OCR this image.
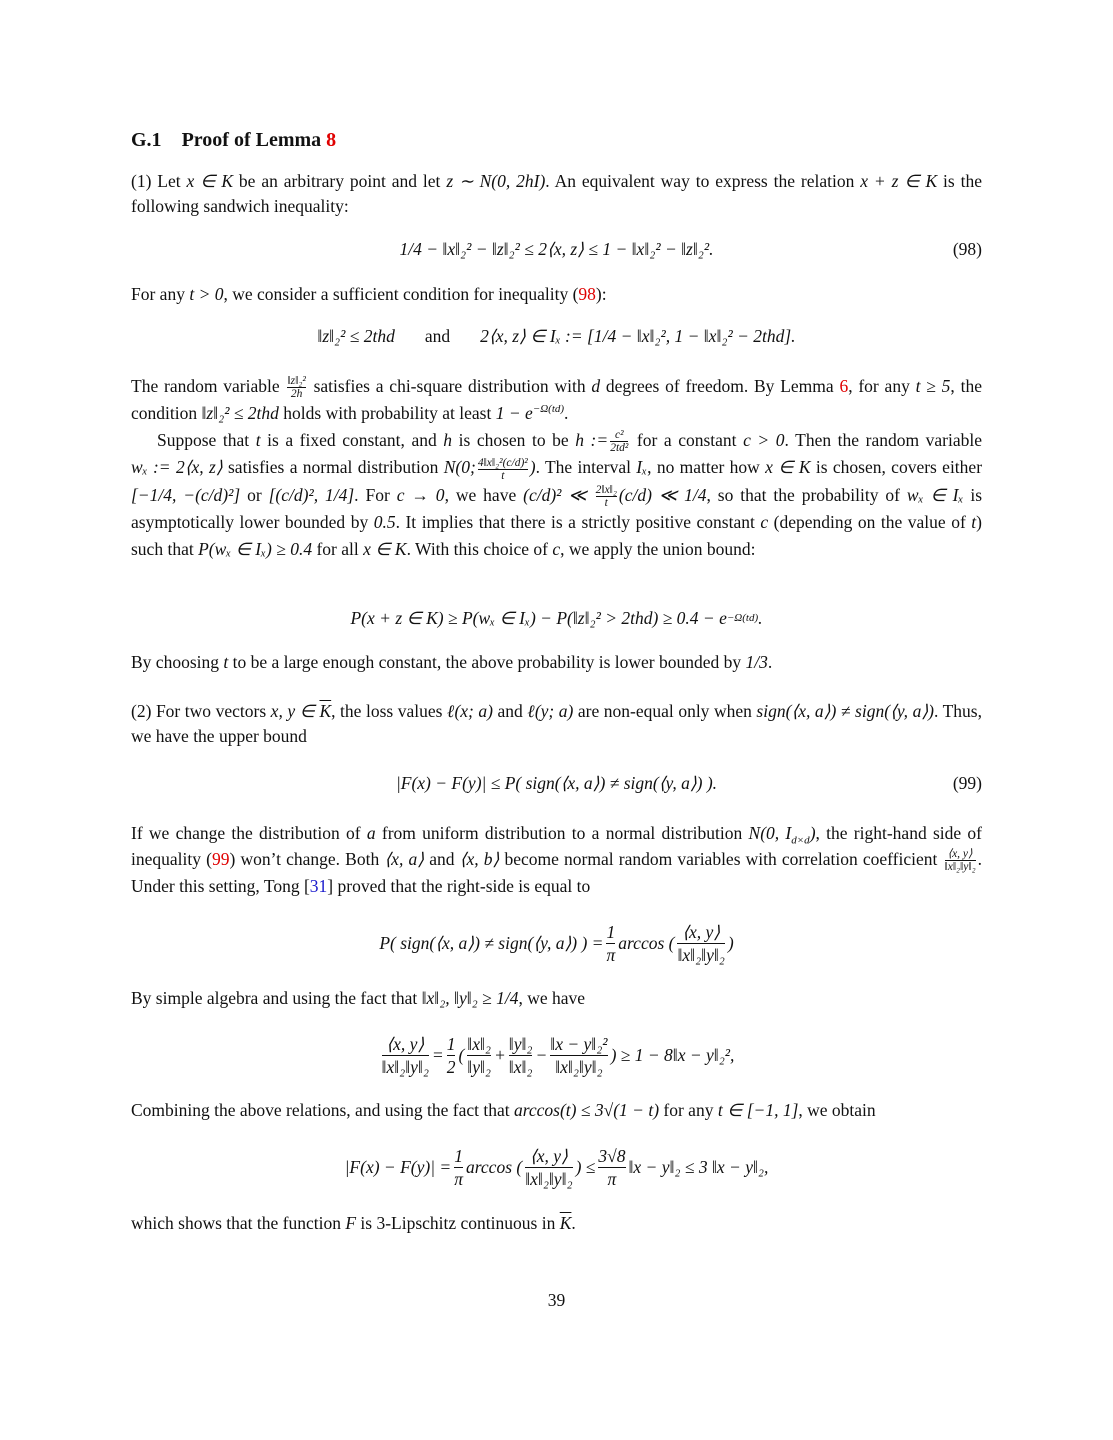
G.1 Proof of Lemma 8
(1) Let x ∈ K be an arbitrary point and let z ∼ N(0, 2hI). An equivalent way to express the relation x + z ∈ K is the following sandwich inequality:
1/4 − ‖x‖₂² − ‖z‖₂² ≤ 2⟨x, z⟩ ≤ 1 − ‖x‖₂² − ‖z‖₂².	(98)
For any t > 0, we consider a sufficient condition for inequality (98):
‖z‖₂² ≤ 2thd and 2⟨x, z⟩ ∈ Iₓ := [1/4 − ‖x‖₂², 1 − ‖x‖₂² − 2thd].
The random variable $\frac{\text{‖z‖₂²}}{2h}$ satisfies a chi-square distribution with d degrees of freedom. By Lemma 6, for any t ≥ 5, the condition ‖z‖₂² ≤ 2thd holds with probability at least $1 - e^{-\Omega(td)}$.
Suppose that t is a fixed constant, and h is chosen to be h := $\frac{\text{c²}}{\text{2td²}}$ for a constant c > 0. Then the random variable wₓ := 2⟨x, z⟩ satisfies a normal distribution N(0; $\frac{\text{4‖x‖₂²(c/d)²}}{t}$ ). The interval Iₓ, no matter how x ∈ K is chosen, covers either [−1/4, −(c/d)²] or [(c/d)², 1/4]. For c → 0, we have (c/d)² ≪ $\frac{\text{2‖x‖₂}}{t} (c/d)$ ≪ 1/4, so that the probability of wₓ ∈ Iₓ is asymptotically lower bounded by 0.5. It implies that there is a strictly positive constant c (depending on the value of t) such that P(wₓ ∈ Iₓ) ≥ 0.4 for all x ∈ K. With this choice of c, we apply the union bound:
P(x + z ∈ K) ≥ P(wₓ ∈ Iₓ) − P(‖z‖₂² > 2thd) ≥ 0.4 − e −Ω(td) .
By choosing t to be a large enough constant, the above probability is lower bounded by 1/3.
(2) For two vectors x, y ∈ $\overline{K}$, the loss values ℓ(x; a) and ℓ(y; a) are non-equal only when sign(⟨x, a⟩) ≠ sign(⟨y, a⟩). Thus, we have the upper bound
|F(x) − F(y)| ≤ P( sign(⟨x, a⟩) ≠ sign(⟨y, a⟩) ).	(99)
If we change the distribution of a from uniform distribution to a normal distribution N(0, $I_{d\times d}$), the right-hand side of inequality (99) won’t change. Both ⟨x, a⟩ and ⟨x, b⟩ become normal random variables with correlation coefficient $\frac{⟨x, y⟩}{\text{‖x‖₂‖y‖₂}}$ . Under this setting, Tong [31] proved that the right-side is equal to
P( sign(⟨x, a⟩) ≠ sign(⟨y, a⟩) ) = $\frac{1}{\pi}$ arccos ( $\frac{⟨x, y⟩}{\text{‖x‖₂‖y‖₂}}$ )
By simple algebra and using the fact that ‖x‖₂, ‖y‖₂ ≥ 1/4, we have
$\frac{⟨x, y⟩}{\text{‖x‖₂‖y‖₂}} = \frac{1}{2}$ ( $\frac{\text{‖x‖₂}}{\text{‖y‖₂}} + \frac{\text{‖y‖₂}}{\text{‖x‖₂}} - \frac{\text{‖x − y‖₂²}}{\text{‖x‖₂‖y‖₂}}$ ) ≥ 1 − 8‖x − y‖₂²,
Combining the above relations, and using the fact that arccos(t) ≤ 3√(1 − t) for any t ∈ [−1, 1], we obtain
$|F(x) - F(y)| = \frac{1}{\pi}$ arccos ( $\frac{⟨x, y⟩}{\text{‖x‖₂‖y‖₂}}$ ) ≤ $\frac{3√8}{\pi}$ ‖x − y‖₂ ≤ 3 ‖x − y‖₂,
which shows that the function F is 3-Lipschitz continuous in $\overline{K}$.
39
